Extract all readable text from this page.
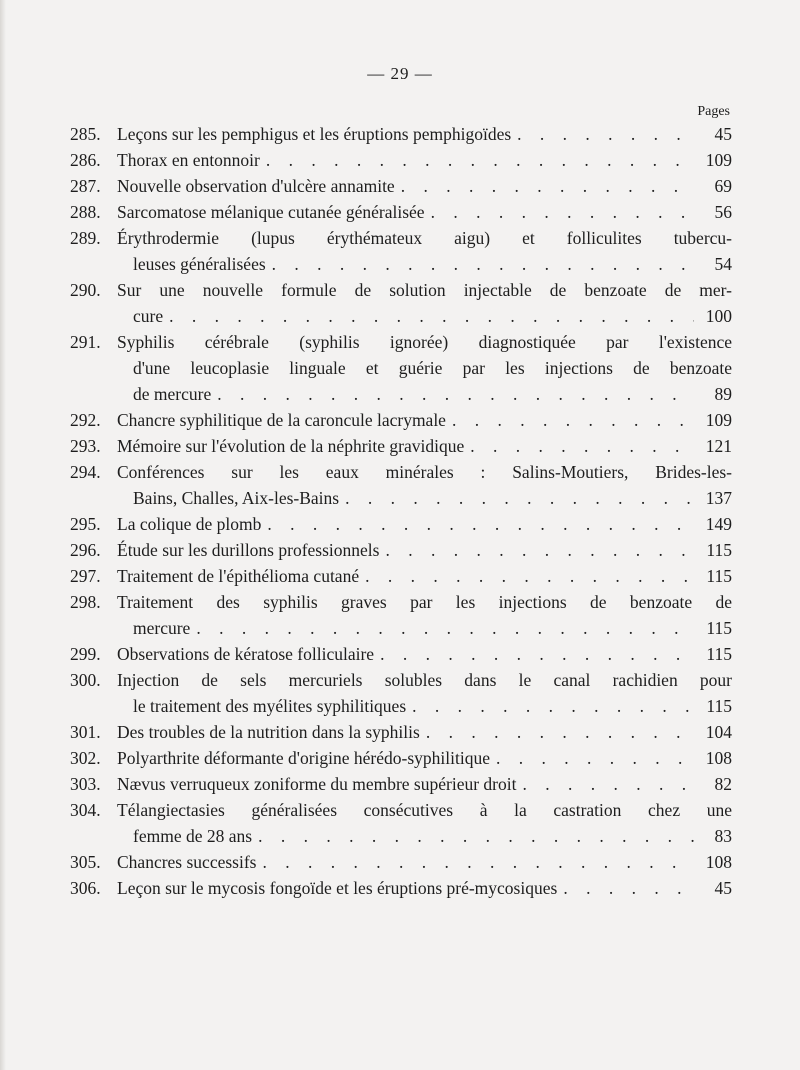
— 29 —
Pages
285. Leçons sur les pemphigus et les éruptions pemphigoïdes . . .	45
286. Thorax en entonnoir . . .	109
287. Nouvelle observation d'ulcère annamite . . .	69
288. Sarcomatose mélanique cutanée généralisée . . .	56
289. Érythrodermie (lupus érythémateux aigu) et folliculites tubercu-
leuses généralisées . . .	54
290. Sur une nouvelle formule de solution injectable de benzoate de mer-
cure . . .	100
291. Syphilis cérébrale (syphilis ignorée) diagnostiquée par l'existence
d'une leucoplasie linguale et guérie par les injections de benzoate
de mercure . . .	89
292. Chancre syphilitique de la caroncule lacrymale . . .	109
293. Mémoire sur l'évolution de la néphrite gravidique . . .	121
294. Conférences sur les eaux minérales : Salins-Moutiers, Brides-les-
Bains, Challes, Aix-les-Bains . . .	137
295. La colique de plomb . . .	149
296. Étude sur les durillons professionnels . . .	115
297. Traitement de l'épithélioma cutané . . .	115
298. Traitement des syphilis graves par les injections de benzoate de
mercure . . .	115
299. Observations de kératose folliculaire . . .	115
300. Injection de sels mercuriels solubles dans le canal rachidien pour
le traitement des myélites syphilitiques . . .	115
301. Des troubles de la nutrition dans la syphilis . . .	104
302. Polyarthrite déformante d'origine hérédo-syphilitique . . .	108
303. Nævus verruqueux zoniforme du membre supérieur droit . . .	82
304. Télangiectasies généralisées consécutives à la castration chez une
femme de 28 ans . . .	83
305. Chancres successifs . . .	108
306. Leçon sur le mycosis fongoïde et les éruptions pré-mycosiques . . .	45
